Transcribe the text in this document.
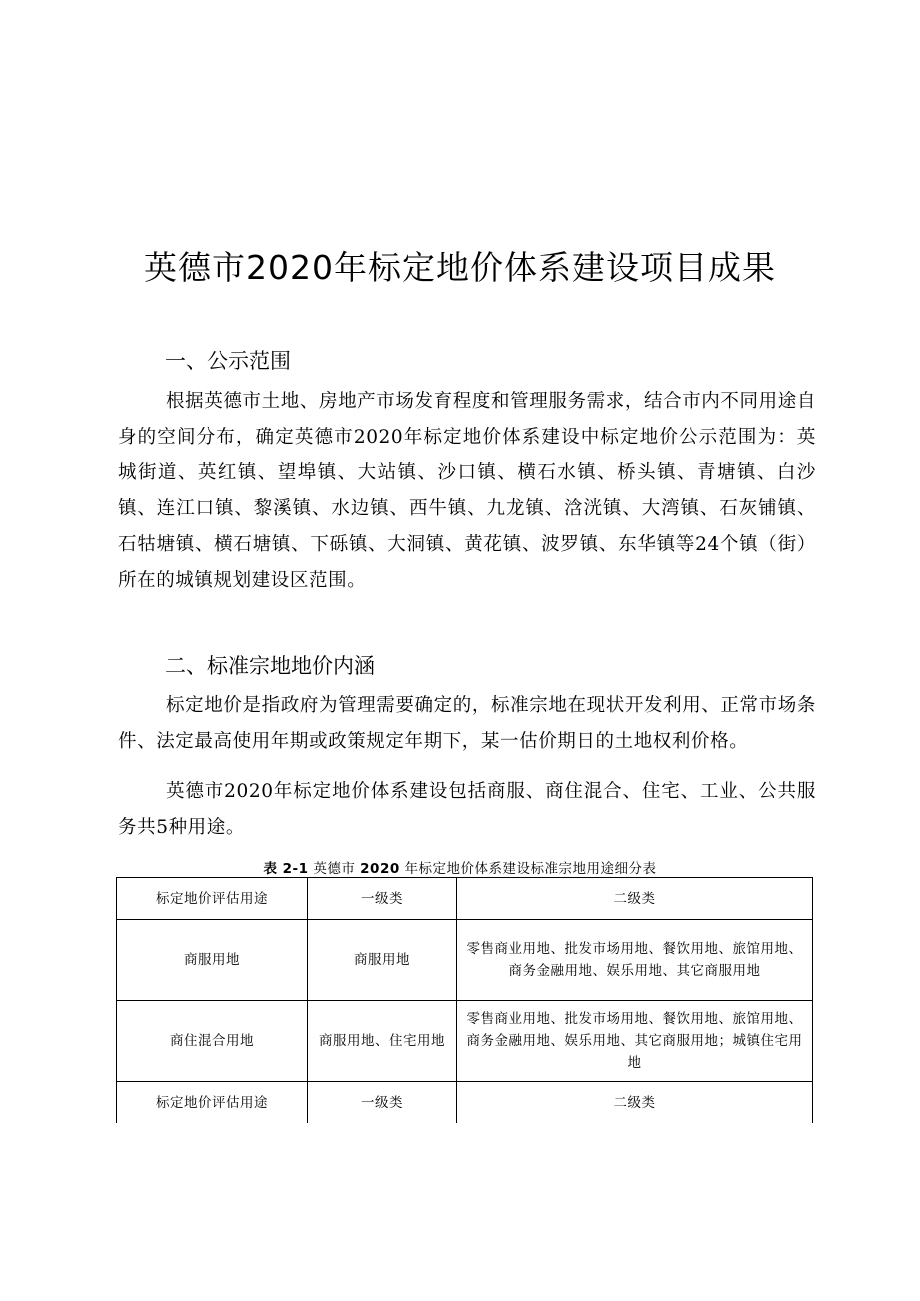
英德市2020年标定地价体系建设项目成果
一、公示范围

根据英德市土地、房地产市场发育程度和管理服务需求，结合市内不同用途自身的空间分布，确定英德市2020年标定地价体系建设中标定地价公示范围为：英城街道、英红镇、望埠镇、大站镇、沙口镇、横石水镇、桥头镇、青塘镇、白沙镇、连江口镇、黎溪镇、水边镇、西牛镇、九龙镇、浛洸镇、大湾镇、石灰铺镇、石牯塘镇、横石塘镇、下砾镇、大洞镇、黄花镇、波罗镇、东华镇等24个镇（街）所在的城镇规划建设区范围。

二、标准宗地地价内涵

标定地价是指政府为管理需要确定的，标准宗地在现状开发利用、正常市场条件、法定最高使用年期或政策规定年期下，某一估价期日的土地权利价格。

英德市2020年标定地价体系建设包括商服、商住混合、住宅、工业、公共服务共5种用途。

表 2-1 英德市 2020 年标定地价体系建设标准宗地用途细分表

标定地价评估用途	一级类	二级类
商服用地	商服用地	零售商业用地、批发市场用地、餐饮用地、旅馆用地、商务金融用地、娱乐用地、其它商服用地
商住混合用地	商服用地、住宅用地	零售商业用地、批发市场用地、餐饮用地、旅馆用地、商务金融用地、娱乐用地、其它商服用地；城镇住宅用地
标定地价评估用途	一级类	二级类
